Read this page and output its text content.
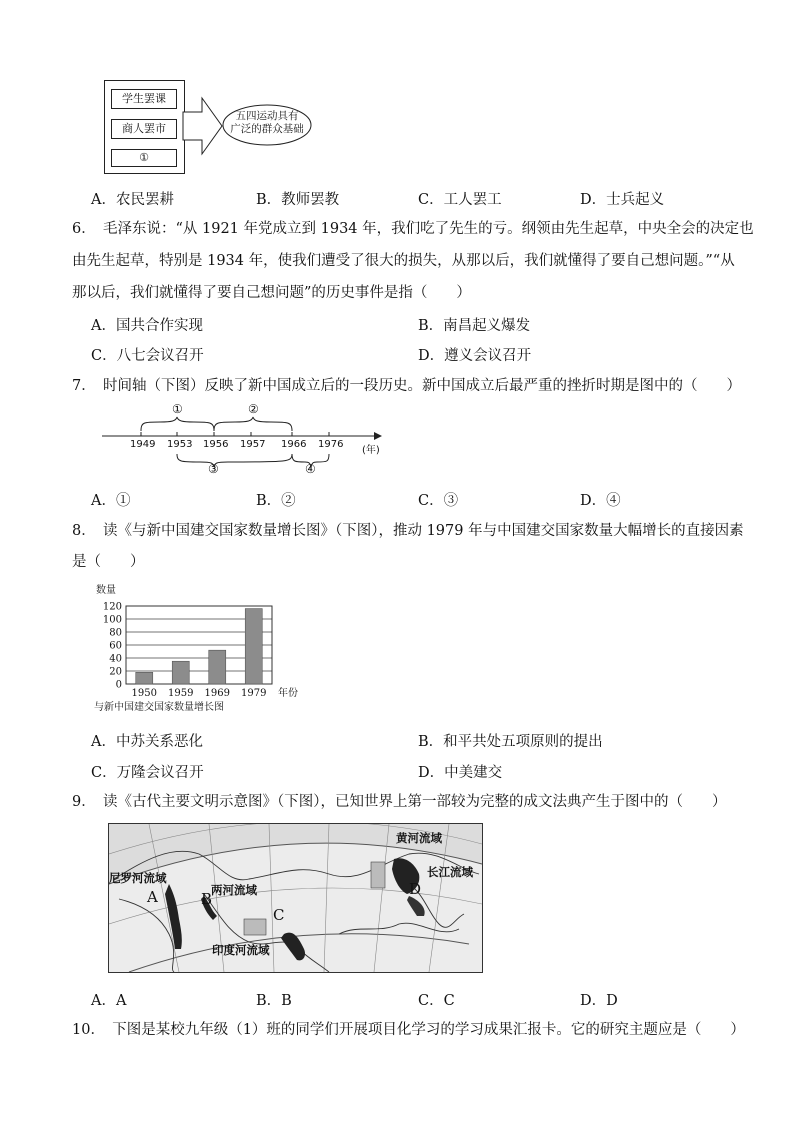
学生罢课
商人罢市
①
五四运动具有
广泛的群众基础
A．农民罢耕	B．教师罢教	C．工人罢工	D．士兵起义
6．　毛泽东说：“从 1921 年党成立到 1934 年，我们吃了先生的亏。纲领由先生起草，中央全会的决定也
由先生起草，特别是 1934 年，使我们遭受了很大的损失，从那以后，我们就懂得了要自己想问题。”“从
那以后，我们就懂得了要自己想问题”的历史事件是指（　　）
A．国共合作实现	B．南昌起义爆发
C．八七会议召开	D．遵义会议召开
7．　时间轴（下图）反映了新中国成立后的一段历史。新中国成立后最严重的挫折时期是图中的（　　）
①	②
1949 1953 1956 1957 1966 1976
(年)
③	④
A．①	B．②	C．③	D．④
8．　读《与新中国建交国家数量增长图》（下图），推动 1979 年与中国建交国家数量大幅增长的直接因素
是（　　）
数量
0
20
40
60
80
100
120
1950 1959 1969 1979 年份
与新中国建交国家数量增长图
A．中苏关系恶化	B．和平共处五项原则的提出
C．万隆会议召开	D．中美建交
9．　读《古代主要文明示意图》（下图），已知世界上第一部较为完整的成文法典产生于图中的（　　）
黄河流域
长江流域
尼罗河流域
两河流域
印度河流域
A	B
C
D
A．A	B．B	C．C	D．D
10．　下图是某校九年级（1）班的同学们开展项目化学习的学习成果汇报卡。它的研究主题应是（　　）
